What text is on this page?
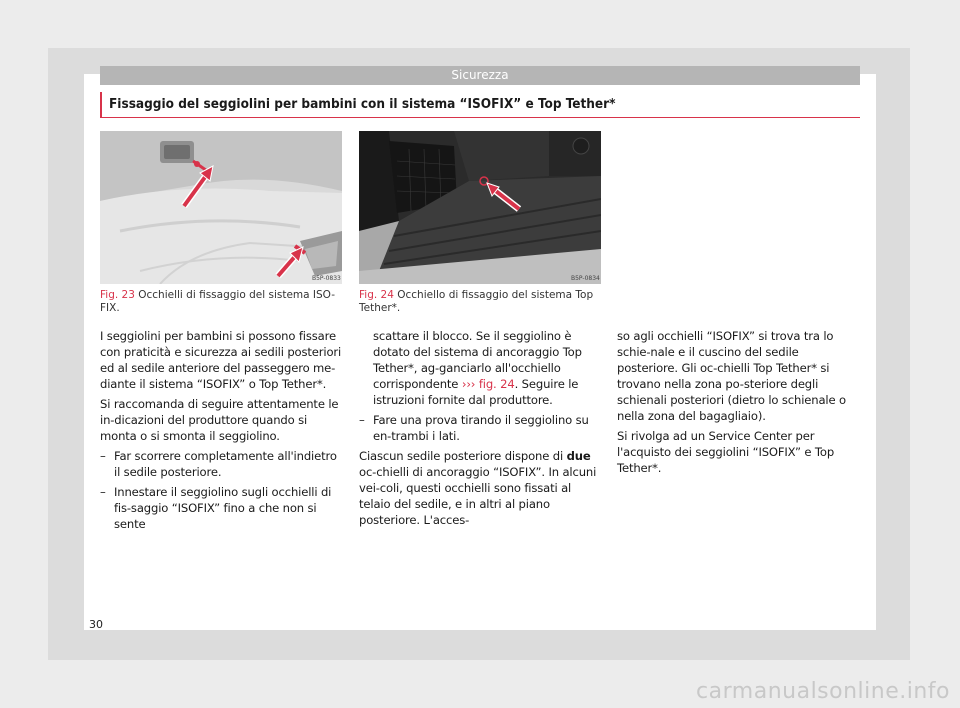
Sicurezza
Fissaggio del seggiolini per bambini con il sistema “ISOFIX” e Top Tether*
B5P-0833
Fig. 23 Occhielli di fissaggio del sistema ISO-FIX.
B5P-0834
Fig. 24 Occhiello di fissaggio del sistema Top Tether*.

I seggiolini per bambini si possono fissare con praticità e sicurezza ai sedili posteriori ed al sedile anteriore del passeggero me-diante il sistema “ISOFIX” o Top Tether*.

Si raccomanda di seguire attentamente le in-dicazioni del produttore quando si monta o si smonta il seggiolino.

– Far scorrere completamente all'indietro il sedile posteriore.

– Innestare il seggiolino sugli occhielli di fis-saggio “ISOFIX” fino a che non si sente

scattare il blocco. Se il seggiolino è dotato del sistema di ancoraggio Top Tether*, ag-ganciarlo all'occhiello corrispondente ››› fig. 24. Seguire le istruzioni fornite dal produttore.

– Fare una prova tirando il seggiolino su en-trambi i lati.

Ciascun sedile posteriore dispone di due oc-chielli di ancoraggio “ISOFIX”. In alcuni vei-coli, questi occhielli sono fissati al telaio del sedile, e in altri al piano posteriore. L'acces-

so agli occhielli “ISOFIX” si trova tra lo schie-nale e il cuscino del sedile posteriore. Gli oc-chielli Top Tether* si trovano nella zona po-steriore degli schienali posteriori (dietro lo schienale o nella zona del bagagliaio).

Si rivolga ad un Service Center per l'acquisto dei seggiolini “ISOFIX” e Top Tether*.

30
carmanualsonline.info
